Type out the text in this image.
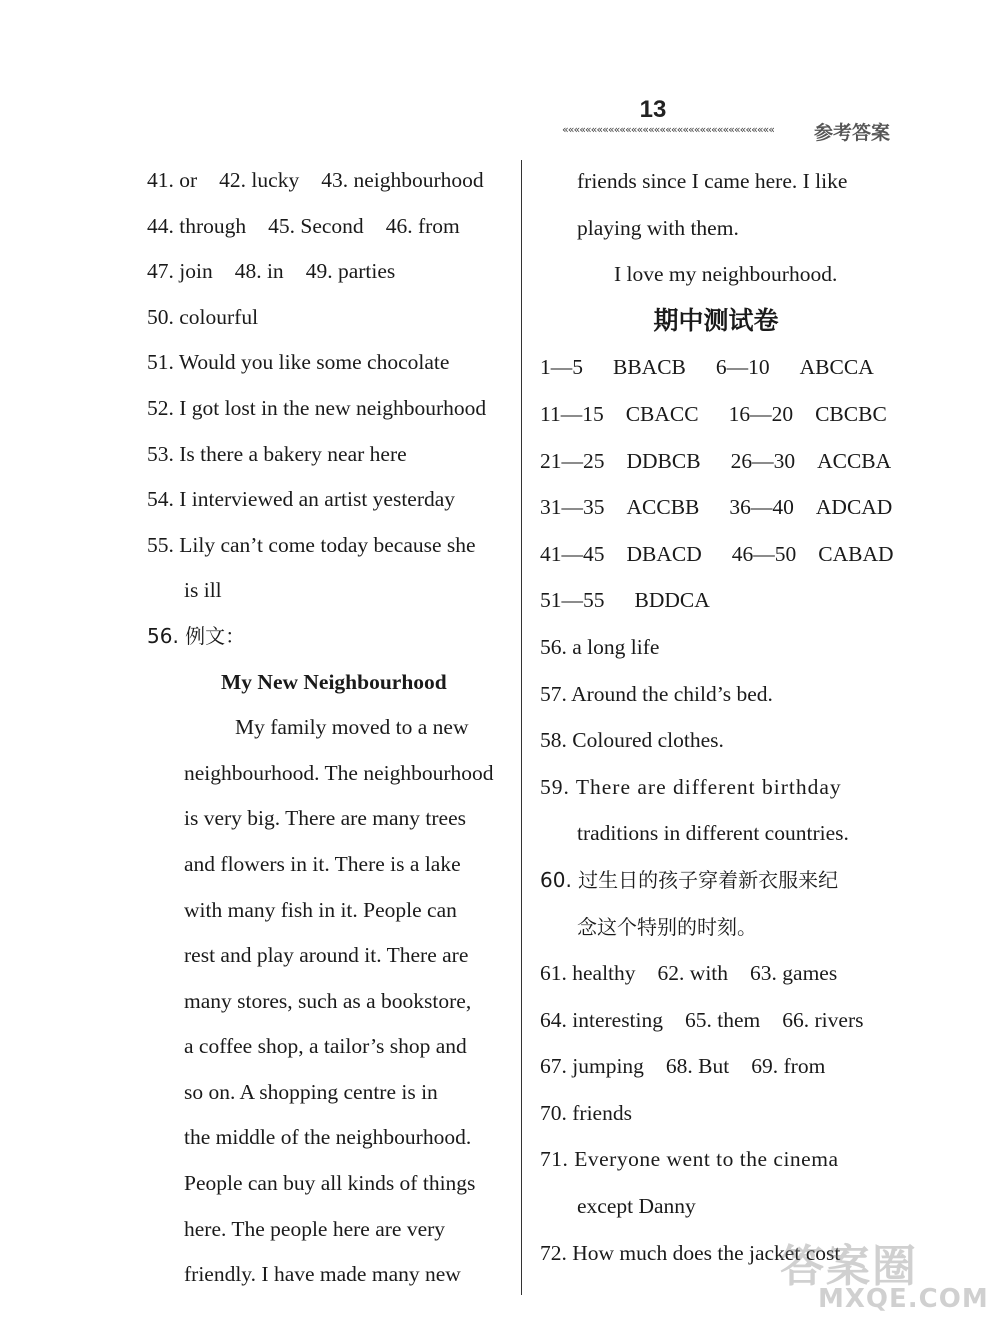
13
««««««««««««««««««««««««««««««««««««« 参考答案
41. or 42. lucky 43. neighbourhood
44. through 45. Second 46. from
47. join 48. in 49. parties
50. colourful
51. Would you like some chocolate
52. I got lost in the new neighbourhood
53. Is there a bakery near here
54. I interviewed an artist yesterday
55. Lily can’t come today because she
is ill
56. 例文：
My New Neighbourhood
My family moved to a new
neighbourhood. The neighbourhood
is very big. There are many trees
and flowers in it. There is a lake
with many fish in it. People can
rest and play around it. There are
many stores, such as a bookstore,
a coffee shop, a tailor’s shop and
so on. A shopping centre is in
the middle of the neighbourhood.
People can buy all kinds of things
here. The people here are very
friendly. I have made many new
friends since I came here. I like
playing with them.
I love my neighbourhood.
期中测试卷
1—5 BBACB 6—10 ABCCA
11—15 CBACC 16—20 CBCBC
21—25 DDBCB 26—30 ACCBA
31—35 ACCBB 36—40 ADCAD
41—45 DBACD 46—50 CABAD
51—55 BDDCA
56. a long life
57. Around the child’s bed.
58. Coloured clothes.
59. There are different birthday
traditions in different countries.
60. 过生日的孩子穿着新衣服来纪
念这个特别的时刻。
61. healthy 62. with 63. games
64. interesting 65. them 66. rivers
67. jumping 68. But 69. from
70. friends
71. Everyone went to the cinema
except Danny
72. How much does the jacket cost
答案圈
MXQE.COM
